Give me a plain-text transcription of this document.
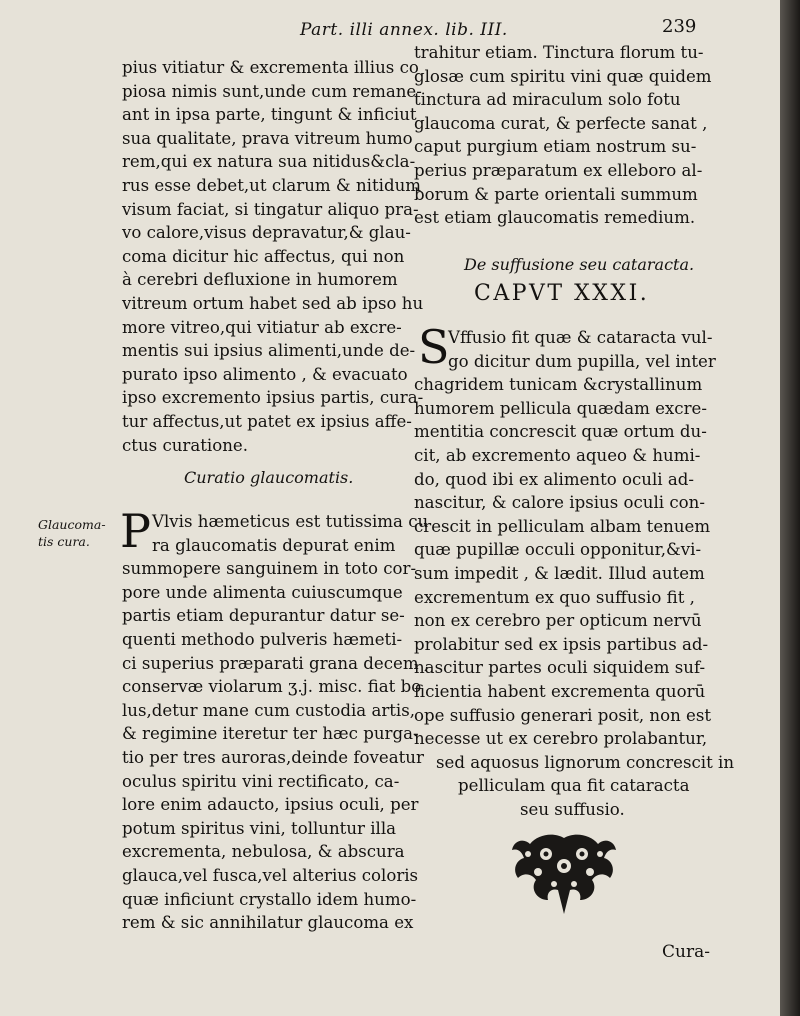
Part. illi annex. lib. III.	239
pius vitiatur & excrementa illius co
piosa nimis sunt,unde cum remane-
ant in ipsa parte, tingunt & inficiut
sua qualitate, prava vitreum humo
rem,qui ex natura sua nitidus&cla-
rus esse debet,ut clarum & nitidum
visum faciat, si tingatur aliquo pra-
vo calore,visus depravatur,& glau-
coma dicitur hic affectus, qui non
à cerebri defluxione in humorem
vitreum ortum habet sed ab ipso hu
more vitreo,qui vitiatur ab excre-
mentis sui ipsius alimenti,unde de-
purato ipso alimento , & evacuato
ipso excremento ipsius partis, cura-
tur affectus,ut patet ex ipsius affe-
ctus curatione.
Curatio glaucomatis.
Glaucoma-
tis cura. P Vlvis hæmeticus est tutissima cu
ra glaucomatis depurat enim
summopere sanguinem in toto cor-
pore unde alimenta cuiuscumque
partis etiam depurantur datur se-
quenti methodo pulveris hæmeti-
ci superius præparati grana decem ,
conservæ violarum ʒ.j. misc. fiat bo
lus,detur mane cum custodia artis,
& regimine iteretur ter hæc purga-
tio per tres auroras,deinde foveatur
oculus spiritu vini rectificato, ca-
lore enim adaucto, ipsius oculi, per
potum spiritus vini, tolluntur illa
excrementa, nebulosa, & abscura
glauca,vel fusca,vel alterius coloris
quæ inficiunt crystallo idem humo-
rem & sic annihilatur glaucoma ex
trahitur etiam. Tinctura florum tu-
glosæ cum spiritu vini quæ quidem
tinctura ad miraculum solo fotu
glaucoma curat, & perfecte sanat ,
caput purgium etiam nostrum su-
perius præparatum ex elleboro al-
borum & parte orientali summum
est etiam glaucomatis remedium.
De suffusione seu cataracta.
CAPVT XXXI.
S
Vffusio fit quæ & cataracta vul-
go dicitur dum pupilla, vel inter
chagridem tunicam &crystallinum
humorem pellicula quædam excre-
mentitia concrescit quæ ortum du-
cit, ab excremento aqueo & humi-
do, quod ibi ex alimento oculi ad-
nascitur, & calore ipsius oculi con-
crescit in pelliculam albam tenuem
quæ pupillæ occuli opponitur,&vi-
sum impedit , & lædit. Illud autem
excrementum ex quo suffusio fit ,
non ex cerebro per opticum nervū
prolabitur sed ex ipsis partibus ad-
nascitur partes oculi siquidem suf-
ficientia habent excrementa quorū
ope suffusio generari posit, non est
necesse ut ex cerebro prolabantur,
sed aquosus lignorum concrescit in
pelliculam qua fit cataracta
seu suffusio.
Cura-
